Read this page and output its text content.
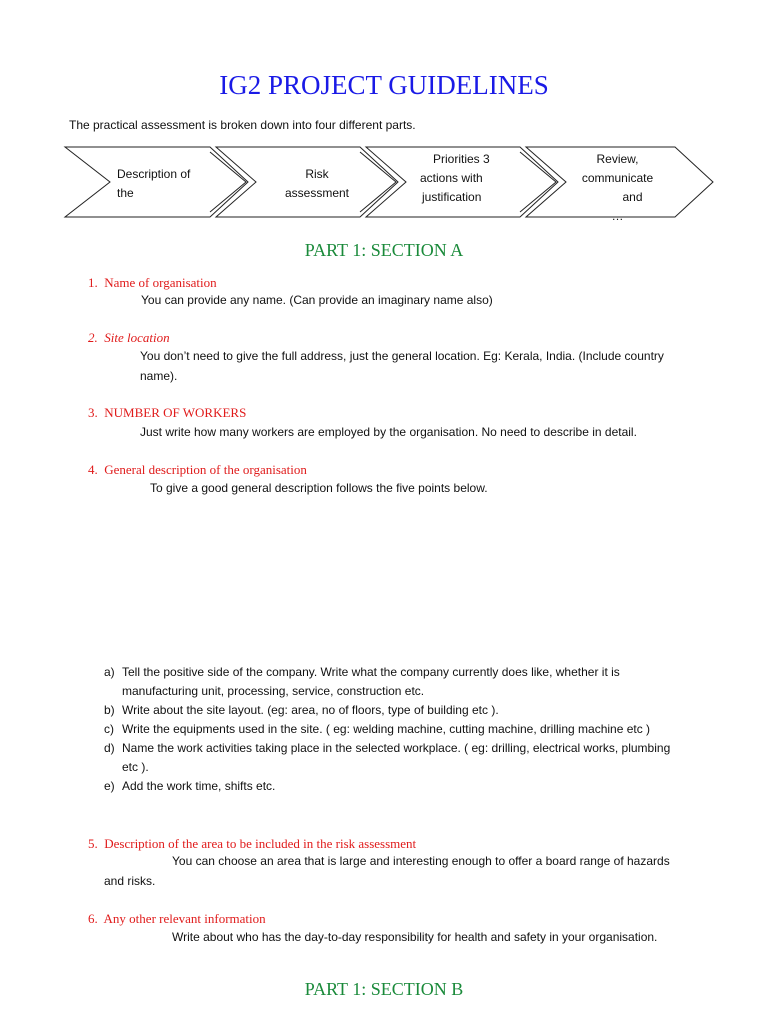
IG2 PROJECT GUIDELINES
The practical assessment is broken down into four different parts.
Description of
the
Risk
assessment
Priorities 3
actions with
justification
Review,
communicate
and
…
PART 1: SECTION A
1. Name of organisation
You can provide any name. (Can provide an imaginary name also)
2. Site location
You don’t need to give the full address, just the general location. Eg: Kerala, India. (Include country
name).
3. NUMBER OF WORKERS
Just write how many workers are employed by the organisation. No need to describe in detail.
4. General description of the organisation
To give a good general description follows the five points below.
a) Tell the positive side of the company. Write what the company currently does like, whether it is
manufacturing unit, processing, service, construction etc.
b) Write about the site layout. (eg: area, no of floors, type of building etc ).
c) Write the equipments used in the site. ( eg: welding machine, cutting machine, drilling machine etc )
d) Name the work activities taking place in the selected workplace. ( eg: drilling, electrical works, plumbing
etc ).
e) Add the work time, shifts etc.
5. Description of the area to be included in the risk assessment
You can choose an area that is large and interesting enough to offer a board range of hazards
and risks.
6. Any other relevant information
Write about who has the day-to-day responsibility for health and safety in your organisation.
PART 1: SECTION B
